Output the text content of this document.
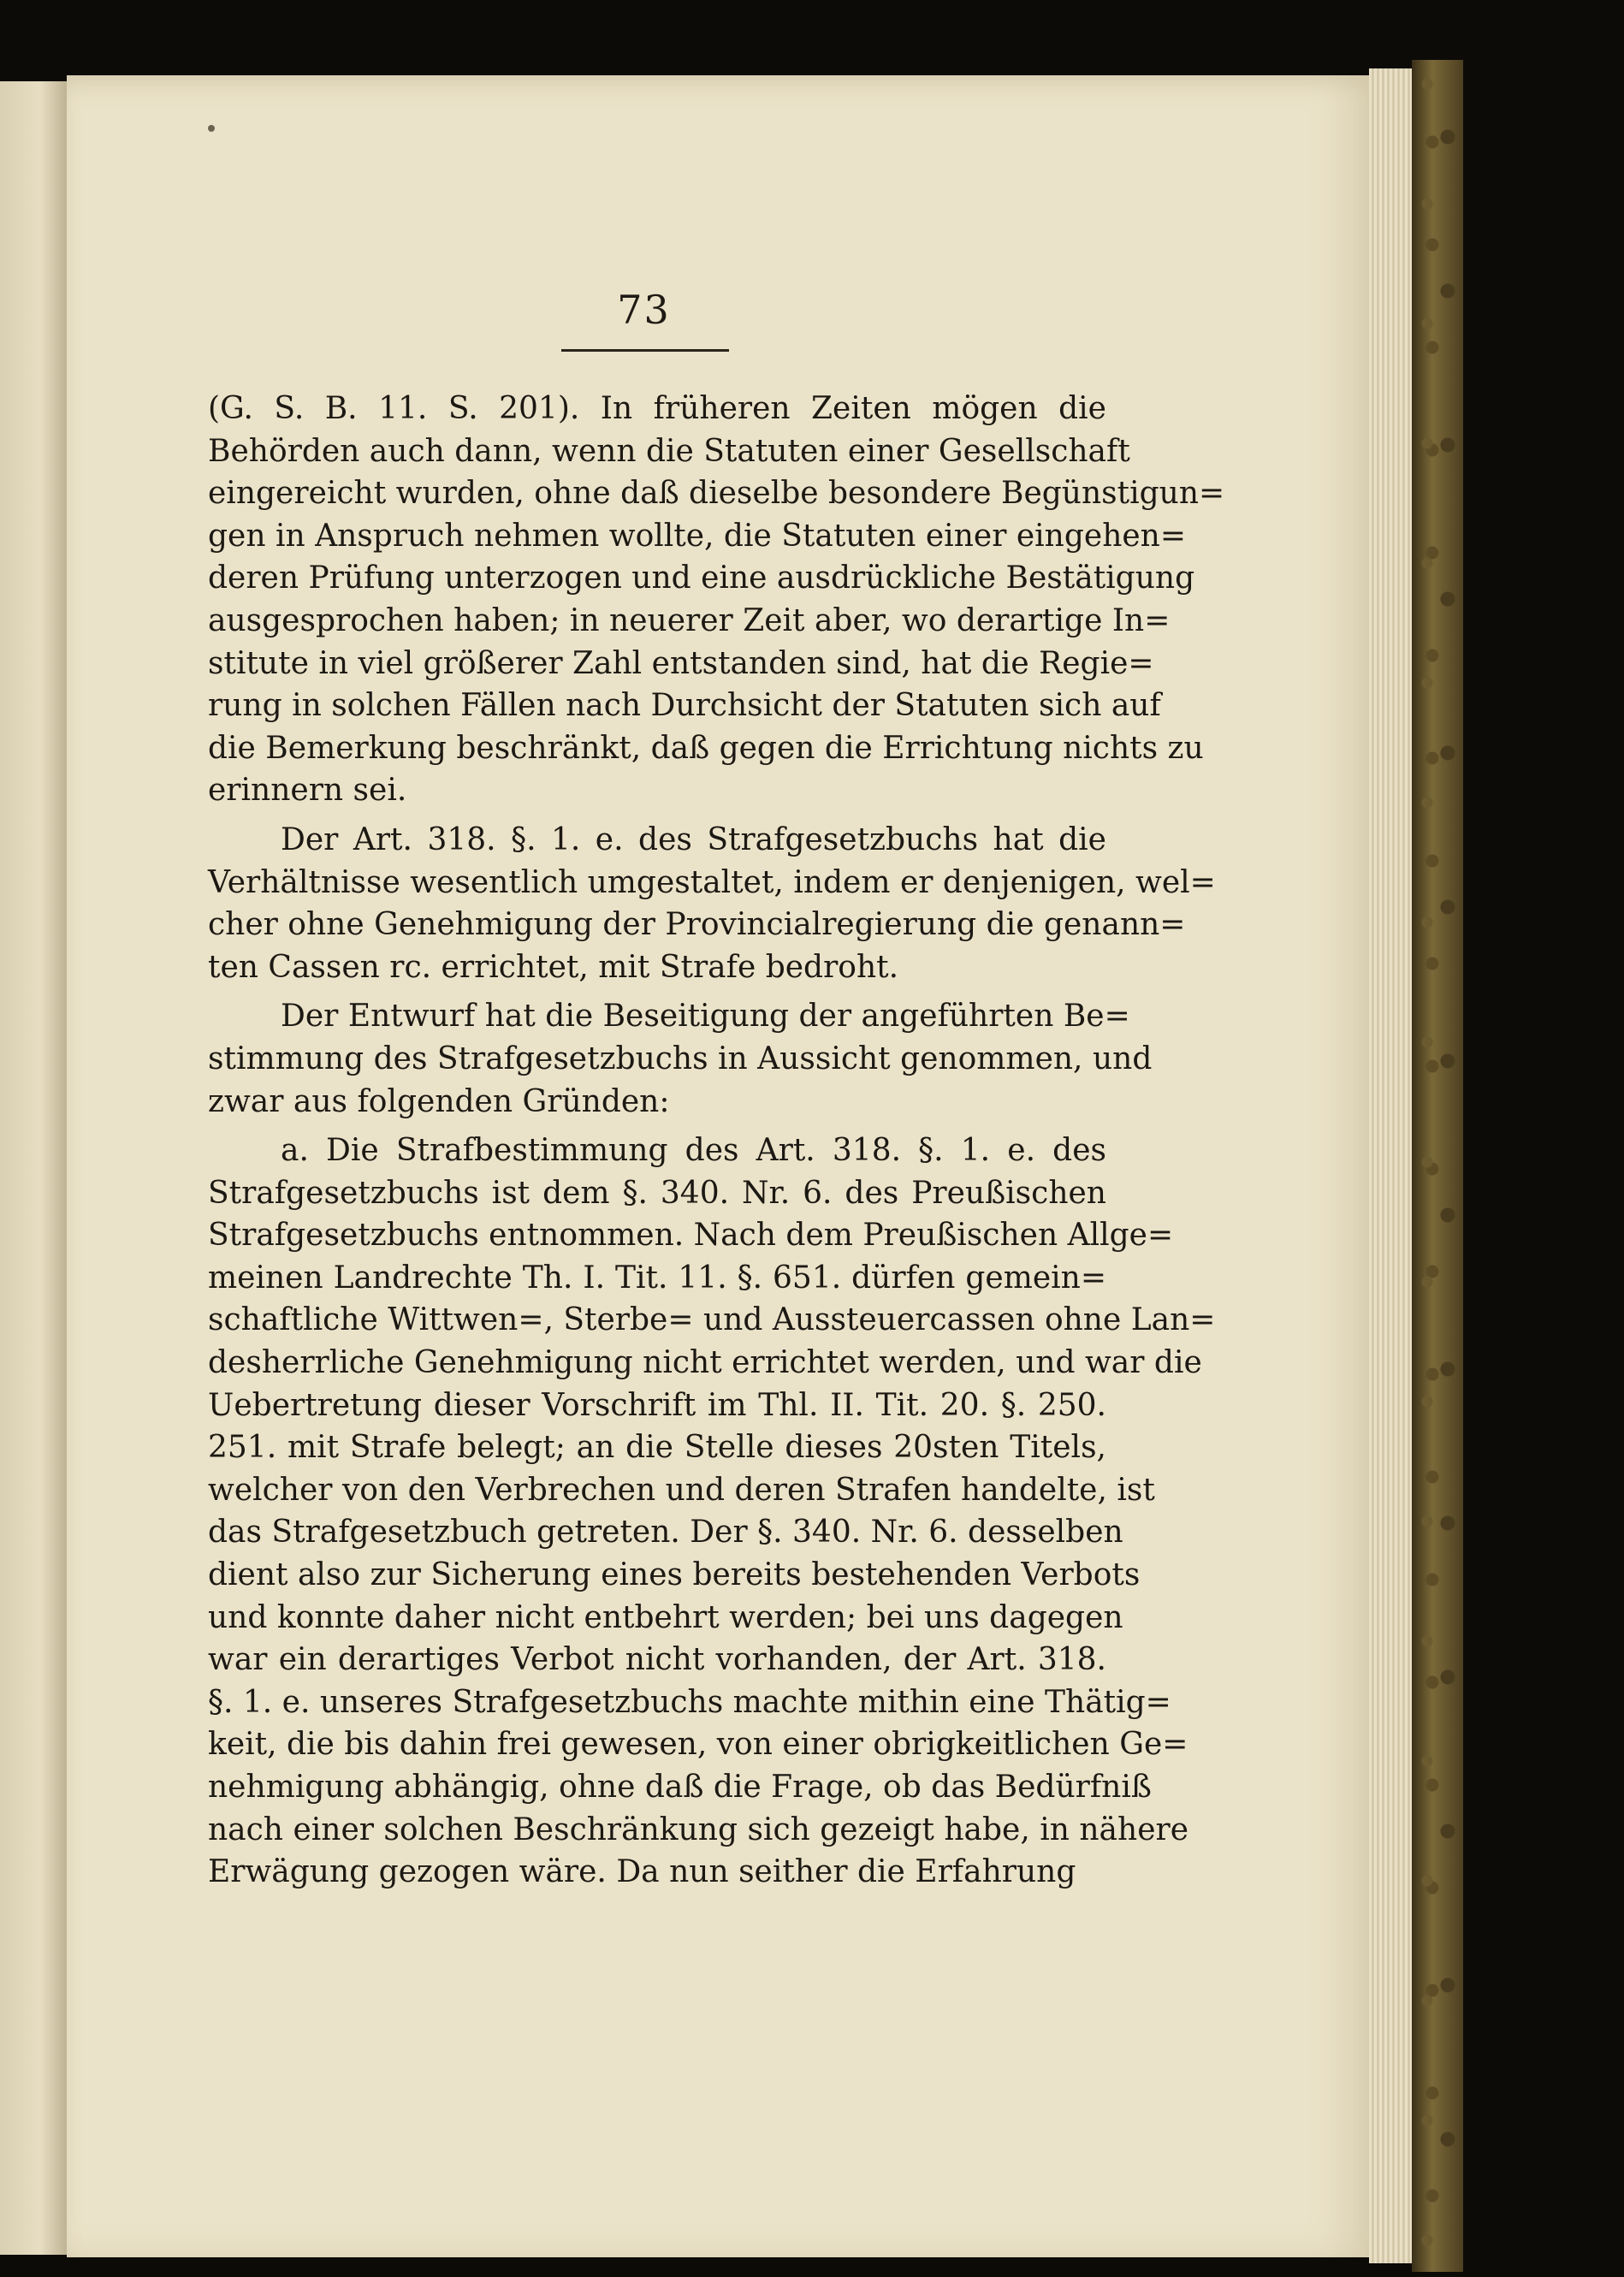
73
(G. S. B. 11. S. 201). In früheren Zeiten mögen die
Behörden auch dann, wenn die Statuten einer Gesellschaft
eingereicht wurden, ohne daß dieselbe besondere Begünstigun=
gen in Anspruch nehmen wollte, die Statuten einer eingehen=
deren Prüfung unterzogen und eine ausdrückliche Bestätigung
ausgesprochen haben; in neuerer Zeit aber, wo derartige In=
stitute in viel größerer Zahl entstanden sind, hat die Regie=
rung in solchen Fällen nach Durchsicht der Statuten sich auf
die Bemerkung beschränkt, daß gegen die Errichtung nichts zu
erinnern sei.
Der Art. 318. §. 1. e. des Strafgesetzbuchs hat die
Verhältnisse wesentlich umgestaltet, indem er denjenigen, wel=
cher ohne Genehmigung der Provincialregierung die genann=
ten Cassen rc. errichtet, mit Strafe bedroht.
Der Entwurf hat die Beseitigung der angeführten Be=
stimmung des Strafgesetzbuchs in Aussicht genommen, und
zwar aus folgenden Gründen:
a. Die Strafbestimmung des Art. 318. §. 1. e. des
Strafgesetzbuchs ist dem §. 340. Nr. 6. des Preußischen
Strafgesetzbuchs entnommen. Nach dem Preußischen Allge=
meinen Landrechte Th. I. Tit. 11. §. 651. dürfen gemein=
schaftliche Wittwen=, Sterbe= und Aussteuercassen ohne Lan=
desherrliche Genehmigung nicht errichtet werden, und war die
Uebertretung dieser Vorschrift im Thl. II. Tit. 20. §. 250.
251. mit Strafe belegt; an die Stelle dieses 20sten Titels,
welcher von den Verbrechen und deren Strafen handelte, ist
das Strafgesetzbuch getreten. Der §. 340. Nr. 6. desselben
dient also zur Sicherung eines bereits bestehenden Verbots
und konnte daher nicht entbehrt werden; bei uns dagegen
war ein derartiges Verbot nicht vorhanden, der Art. 318.
§. 1. e. unseres Strafgesetzbuchs machte mithin eine Thätig=
keit, die bis dahin frei gewesen, von einer obrigkeitlichen Ge=
nehmigung abhängig, ohne daß die Frage, ob das Bedürfniß
nach einer solchen Beschränkung sich gezeigt habe, in nähere
Erwägung gezogen wäre. Da nun seither die Erfahrung
